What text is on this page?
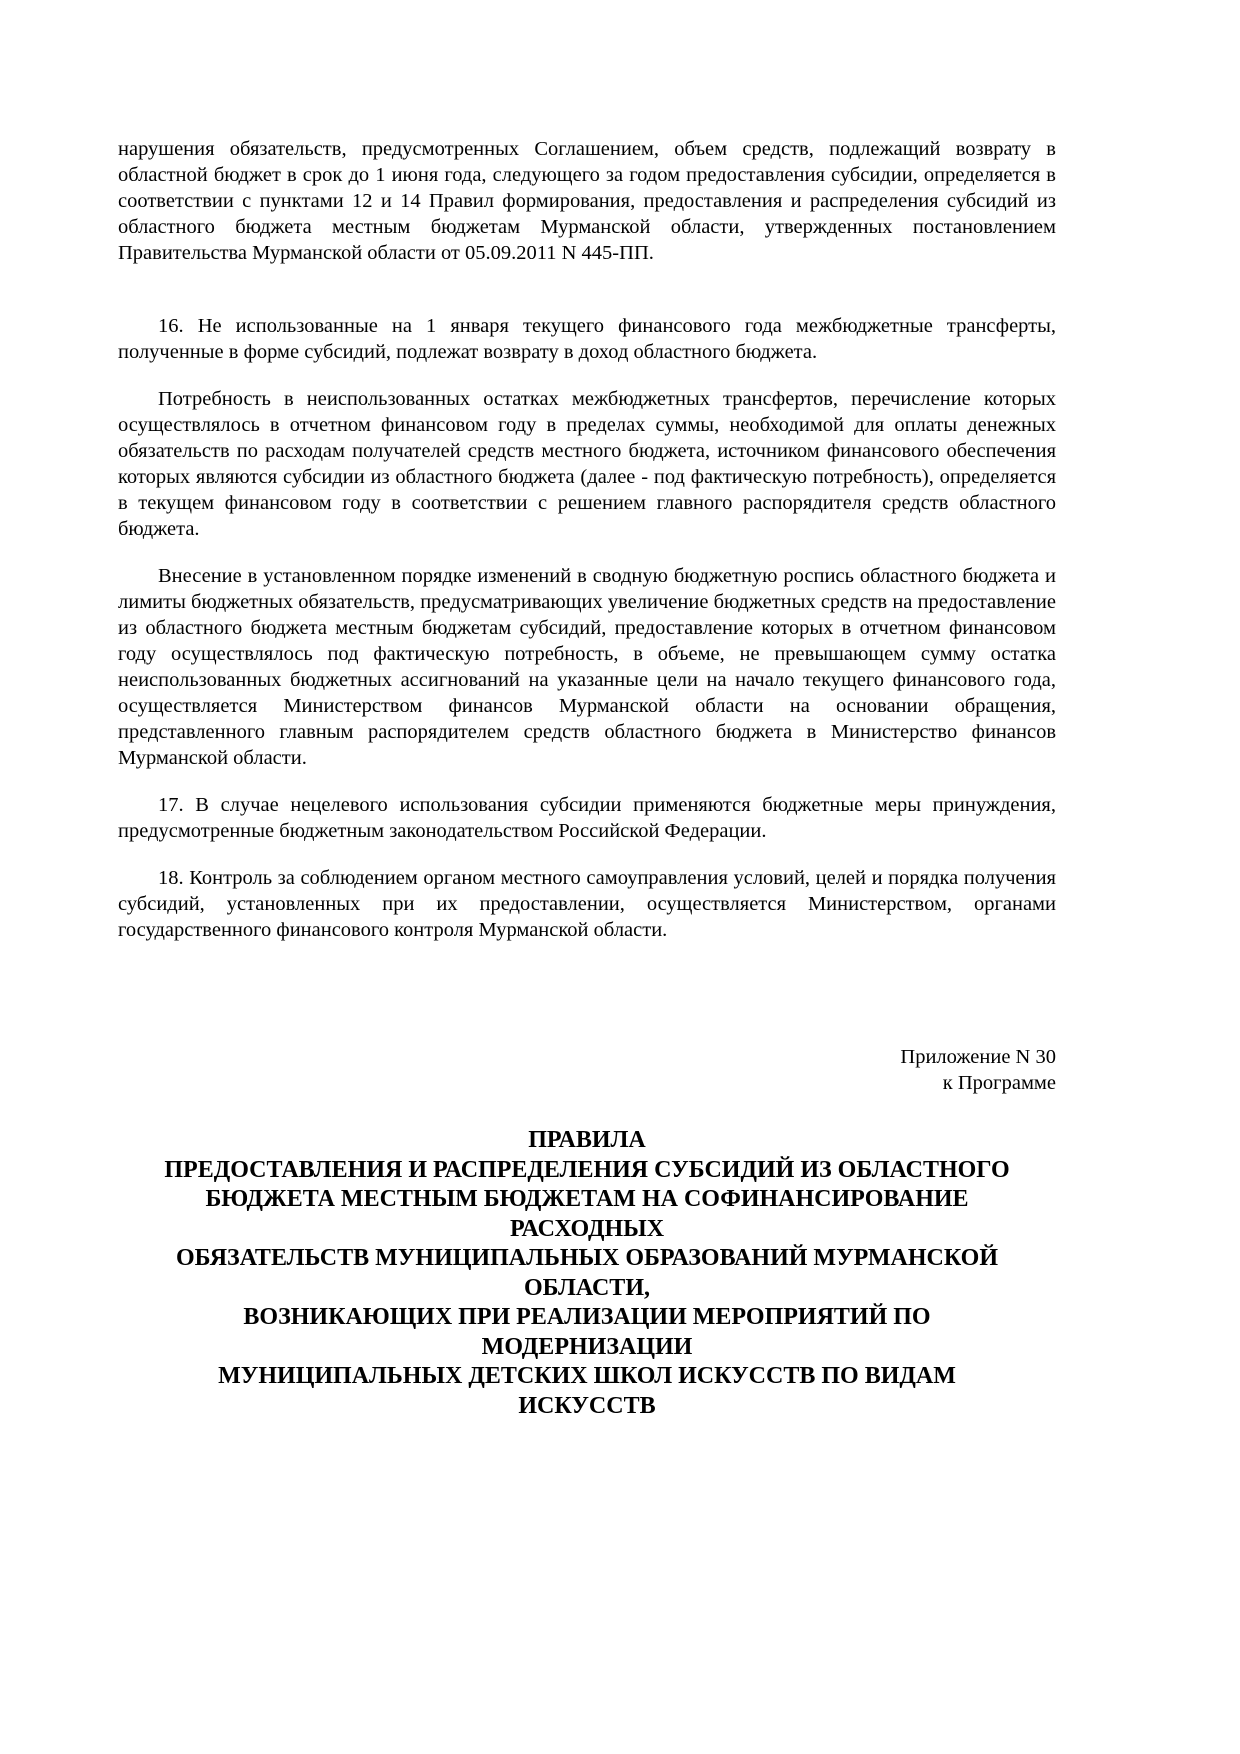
нарушения обязательств, предусмотренных Соглашением, объем средств, подлежащий возврату в областной бюджет в срок до 1 июня года, следующего за годом предоставления субсидии, определяется в соответствии с пунктами 12 и 14 Правил формирования, предоставления и распределения субсидий из областного бюджета местным бюджетам Мурманской области, утвержденных постановлением Правительства Мурманской области от 05.09.2011 N 445-ПП.

16. Не использованные на 1 января текущего финансового года межбюджетные трансферты, полученные в форме субсидий, подлежат возврату в доход областного бюджета.

Потребность в неиспользованных остатках межбюджетных трансфертов, перечисление которых осуществлялось в отчетном финансовом году в пределах суммы, необходимой для оплаты денежных обязательств по расходам получателей средств местного бюджета, источником финансового обеспечения которых являются субсидии из областного бюджета (далее - под фактическую потребность), определяется в текущем финансовом году в соответствии с решением главного распорядителя средств областного бюджета.

Внесение в установленном порядке изменений в сводную бюджетную роспись областного бюджета и лимиты бюджетных обязательств, предусматривающих увеличение бюджетных средств на предоставление из областного бюджета местным бюджетам субсидий, предоставление которых в отчетном финансовом году осуществлялось под фактическую потребность, в объеме, не превышающем сумму остатка неиспользованных бюджетных ассигнований на указанные цели на начало текущего финансового года, осуществляется Министерством финансов Мурманской области на основании обращения, представленного главным распорядителем средств областного бюджета в Министерство финансов Мурманской области.

17. В случае нецелевого использования субсидии применяются бюджетные меры принуждения, предусмотренные бюджетным законодательством Российской Федерации.

18. Контроль за соблюдением органом местного самоуправления условий, целей и порядка получения субсидий, установленных при их предоставлении, осуществляется Министерством, органами государственного финансового контроля Мурманской области.

Приложение N 30
к Программе
ПРАВИЛА
ПРЕДОСТАВЛЕНИЯ И РАСПРЕДЕЛЕНИЯ СУБСИДИЙ ИЗ ОБЛАСТНОГО
БЮДЖЕТА МЕСТНЫМ БЮДЖЕТАМ НА СОФИНАНСИРОВАНИЕ
РАСХОДНЫХ
ОБЯЗАТЕЛЬСТВ МУНИЦИПАЛЬНЫХ ОБРАЗОВАНИЙ МУРМАНСКОЙ
ОБЛАСТИ,
ВОЗНИКАЮЩИХ ПРИ РЕАЛИЗАЦИИ МЕРОПРИЯТИЙ ПО
МОДЕРНИЗАЦИИ
МУНИЦИПАЛЬНЫХ ДЕТСКИХ ШКОЛ ИСКУССТВ ПО ВИДАМ
ИСКУССТВ
